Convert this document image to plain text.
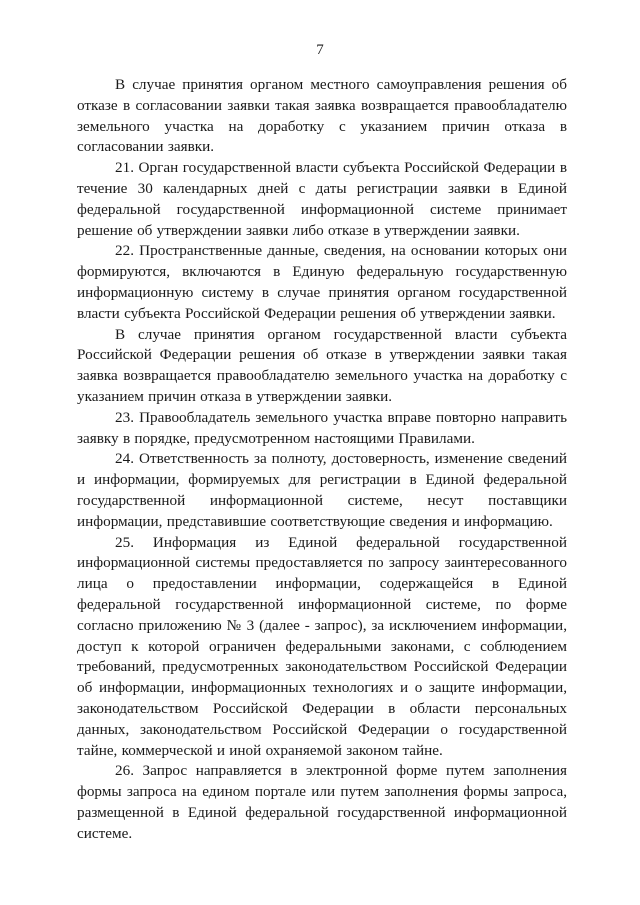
7

В случае принятия органом местного самоуправления решения об отказе в согласовании заявки такая заявка возвращается правообладателю земельного участка на доработку с указанием причин отказа в согласовании заявки.

21. Орган государственной власти субъекта Российской Федерации в течение 30 календарных дней с даты регистрации заявки в Единой федеральной государственной информационной системе принимает решение об утверждении заявки либо отказе в утверждении заявки.

22. Пространственные данные, сведения, на основании которых они формируются, включаются в Единую федеральную государственную информационную систему в случае принятия органом государственной власти субъекта Российской Федерации решения об утверждении заявки.

В случае принятия органом государственной власти субъекта Российской Федерации решения об отказе в утверждении заявки такая заявка возвращается правообладателю земельного участка на доработку с указанием причин отказа в утверждении заявки.

23. Правообладатель земельного участка вправе повторно направить заявку в порядке, предусмотренном настоящими Правилами.

24. Ответственность за полноту, достоверность, изменение сведений и информации, формируемых для регистрации в Единой федеральной государственной информационной системе, несут поставщики информации, представившие соответствующие сведения и информацию.

25. Информация из Единой федеральной государственной информационной системы предоставляется по запросу заинтересованного лица о предоставлении информации, содержащейся в Единой федеральной государственной информационной системе, по форме согласно приложению № 3 (далее - запрос), за исключением информации, доступ к которой ограничен федеральными законами, с соблюдением требований, предусмотренных законодательством Российской Федерации об информации, информационных технологиях и о защите информации, законодательством Российской Федерации в области персональных данных, законодательством Российской Федерации о государственной тайне, коммерческой и иной охраняемой законом тайне.

26. Запрос направляется в электронной форме путем заполнения формы запроса на едином портале или путем заполнения формы запроса, размещенной в Единой федеральной государственной информационной системе.
